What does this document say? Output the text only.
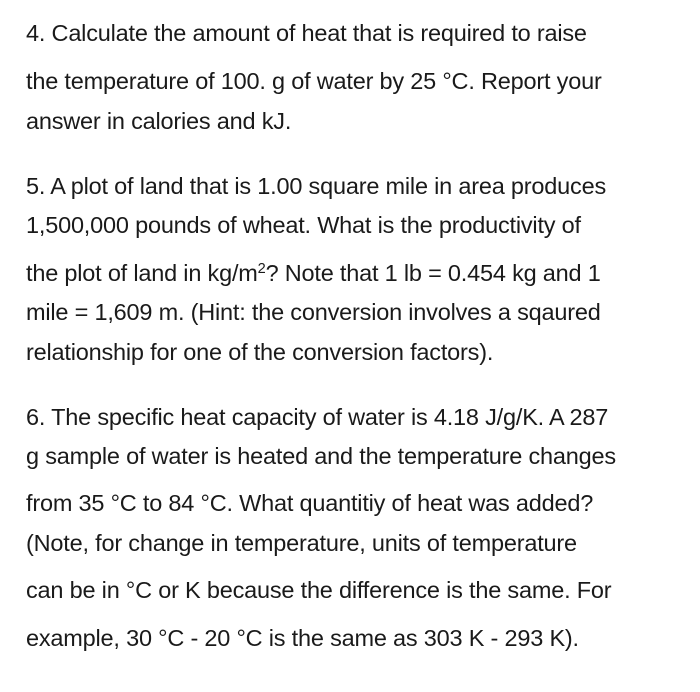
4. Calculate the amount of heat that is required to raise
the temperature of 100. g of water by 25 °C. Report your
answer in calories and kJ.
5. A plot of land that is 1.00 square mile in area produces
1,500,000 pounds of wheat. What is the productivity of
the plot of land in $kg/m^2$? Note that 1 lb = 0.454 kg and 1
mile = 1,609 m. (Hint: the conversion involves a sqaured
relationship for one of the conversion factors).
6. The specific heat capacity of water is 4.18 J/g/K. A 287
g sample of water is heated and the temperature changes
from 35 °C to 84 °C. What quantitiy of heat was added?
(Note, for change in temperature, units of temperature
can be in °C or K because the difference is the same. For
example, 30 °C - 20 °C is the same as 303 K - 293 K).
